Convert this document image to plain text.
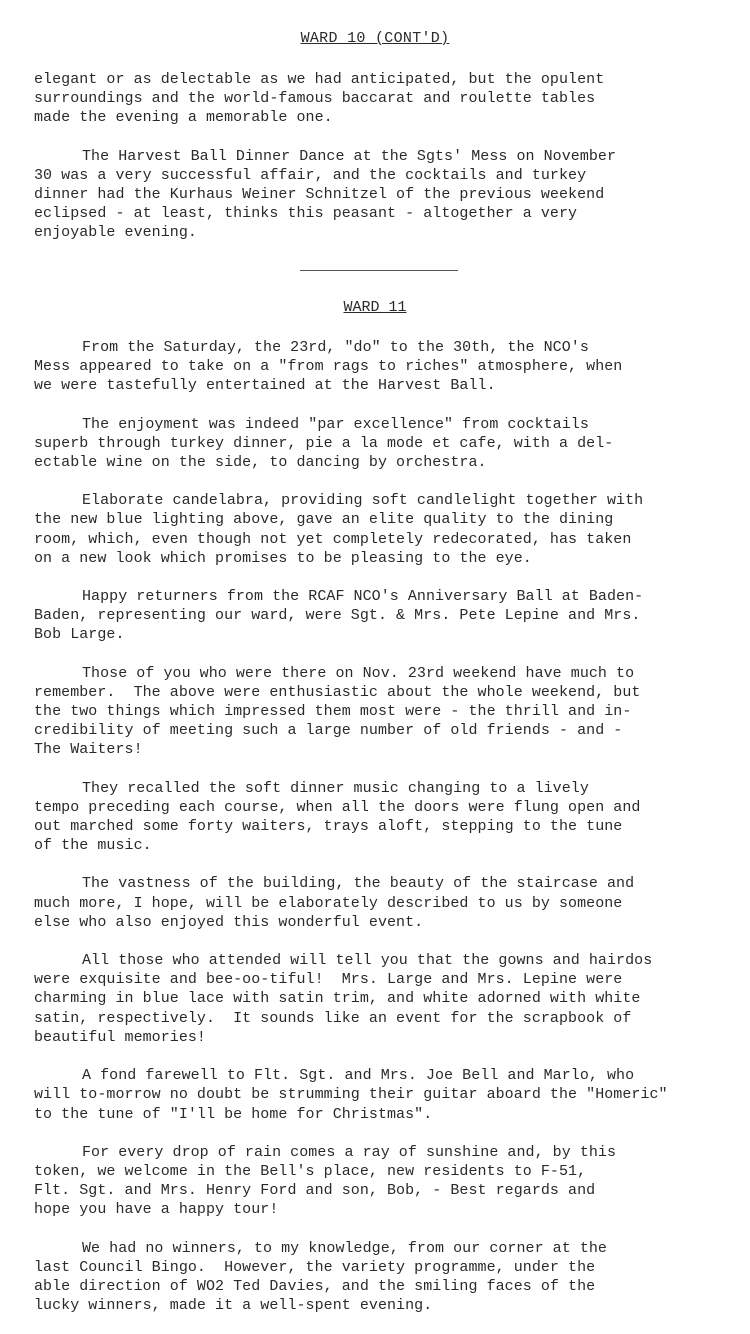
WARD 10 (CONT'D)
elegant or as delectable as we had anticipated, but the opulent
surroundings and the world-famous baccarat and roulette tables
made the evening a memorable one.
The Harvest Ball Dinner Dance at the Sgts' Mess on November
30 was a very successful affair, and the cocktails and turkey
dinner had the Kurhaus Weiner Schnitzel of the previous weekend
eclipsed - at least, thinks this peasant - altogether a very
enjoyable evening.
WARD 11
From the Saturday, the 23rd, "do" to the 30th, the NCO's
Mess appeared to take on a "from rags to riches" atmosphere, when
we were tastefully entertained at the Harvest Ball.
The enjoyment was indeed "par excellence" from cocktails
superb through turkey dinner, pie a la mode et cafe, with a del-
ectable wine on the side, to dancing by orchestra.
Elaborate candelabra, providing soft candlelight together with
the new blue lighting above, gave an elite quality to the dining
room, which, even though not yet completely redecorated, has taken
on a new look which promises to be pleasing to the eye.
Happy returners from the RCAF NCO's Anniversary Ball at Baden-
Baden, representing our ward, were Sgt. & Mrs. Pete Lepine and Mrs.
Bob Large.
Those of you who were there on Nov. 23rd weekend have much to
remember.  The above were enthusiastic about the whole weekend, but
the two things which impressed them most were - the thrill and in-
credibility of meeting such a large number of old friends - and -
The Waiters!
They recalled the soft dinner music changing to a lively
tempo preceding each course, when all the doors were flung open and
out marched some forty waiters, trays aloft, stepping to the tune
of the music.
The vastness of the building, the beauty of the staircase and
much more, I hope, will be elaborately described to us by someone
else who also enjoyed this wonderful event.
All those who attended will tell you that the gowns and hairdos
were exquisite and bee-oo-tiful!  Mrs. Large and Mrs. Lepine were
charming in blue lace with satin trim, and white adorned with white
satin, respectively.  It sounds like an event for the scrapbook of
beautiful memories!
A fond farewell to Flt. Sgt. and Mrs. Joe Bell and Marlo, who
will to-morrow no doubt be strumming their guitar aboard the "Homeric"
to the tune of "I'll be home for Christmas".
For every drop of rain comes a ray of sunshine and, by this
token, we welcome in the Bell's place, new residents to F-51,
Flt. Sgt. and Mrs. Henry Ford and son, Bob, - Best regards and
hope you have a happy tour!
We had no winners, to my knowledge, from our corner at the
last Council Bingo.  However, the variety programme, under the
able direction of WO2 Ted Davies, and the smiling faces of the
lucky winners, made it a well-spent evening.
